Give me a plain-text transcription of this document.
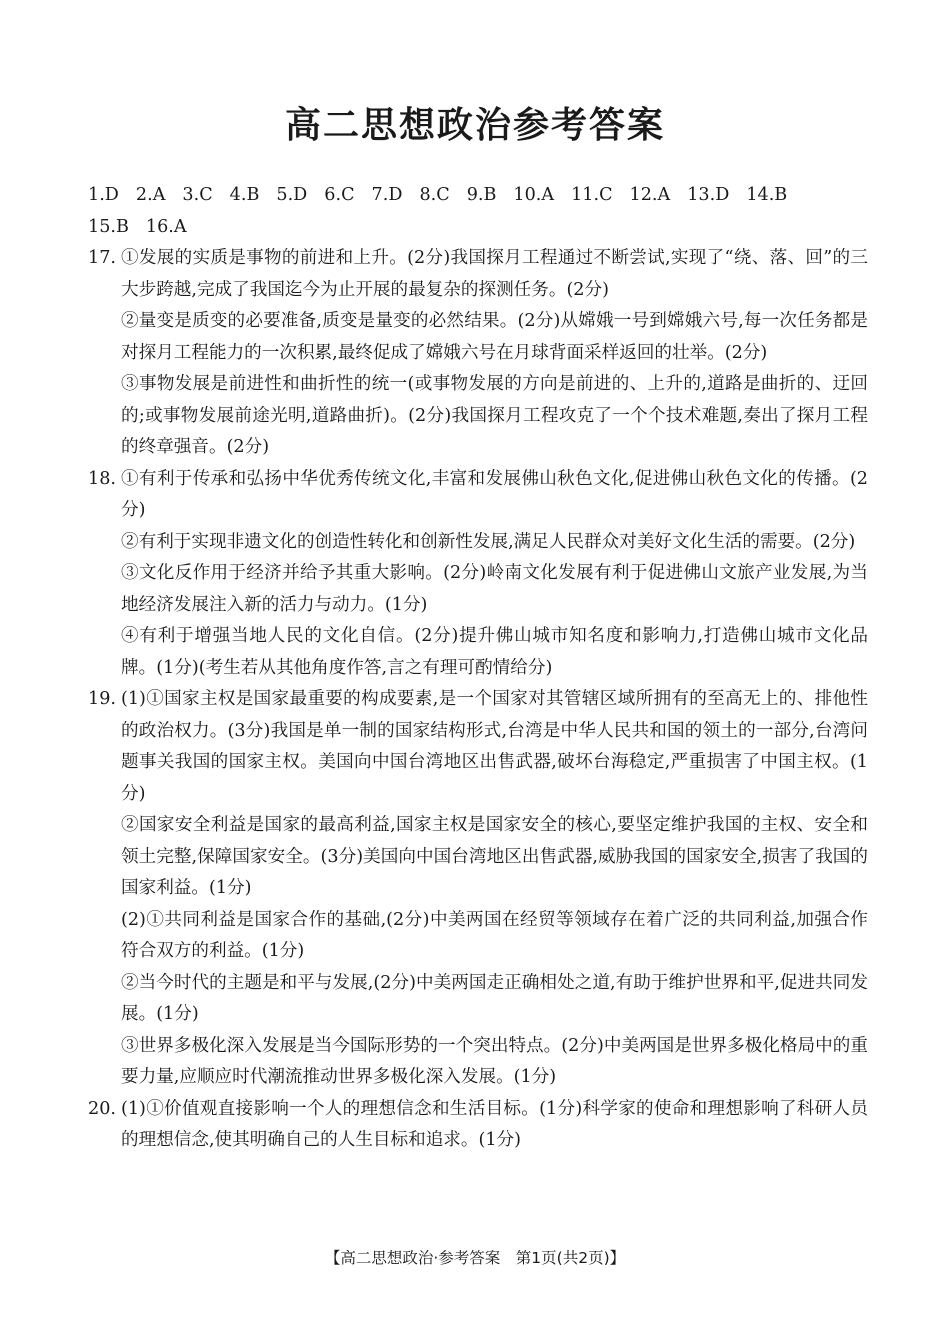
高二思想政治参考答案
1.D 2.A 3.C 4.B 5.D 6.C 7.D 8.C 9.B 10.A 11.C 12.A 13.D 14.B
15.B 16.A
17. ①发展的实质是事物的前进和上升。(2分)我国探月工程通过不断尝试,实现了“绕、落、回”的三大步跨越,完成了我国迄今为止开展的最复杂的探测任务。(2分)

②量变是质变的必要准备,质变是量变的必然结果。(2分)从嫦娥一号到嫦娥六号,每一次任务都是对探月工程能力的一次积累,最终促成了嫦娥六号在月球背面采样返回的壮举。(2分)

③事物发展是前进性和曲折性的统一(或事物发展的方向是前进的、上升的,道路是曲折的、迂回的;或事物发展前途光明,道路曲折)。(2分)我国探月工程攻克了一个个技术难题,奏出了探月工程的终章强音。(2分)

18. ①有利于传承和弘扬中华优秀传统文化,丰富和发展佛山秋色文化,促进佛山秋色文化的传播。(2分)

②有利于实现非遗文化的创造性转化和创新性发展,满足人民群众对美好文化生活的需要。(2分)

③文化反作用于经济并给予其重大影响。(2分)岭南文化发展有利于促进佛山文旅产业发展,为当地经济发展注入新的活力与动力。(1分)

④有利于增强当地人民的文化自信。(2分)提升佛山城市知名度和影响力,打造佛山城市文化品牌。(1分)(考生若从其他角度作答,言之有理可酌情给分)

19. (1)①国家主权是国家最重要的构成要素,是一个国家对其管辖区域所拥有的至高无上的、排他性的政治权力。(3分)我国是单一制的国家结构形式,台湾是中华人民共和国的领土的一部分,台湾问题事关我国的国家主权。美国向中国台湾地区出售武器,破坏台海稳定,严重损害了中国主权。(1分)

②国家安全利益是国家的最高利益,国家主权是国家安全的核心,要坚定维护我国的主权、安全和领土完整,保障国家安全。(3分)美国向中国台湾地区出售武器,威胁我国的国家安全,损害了我国的国家利益。(1分)

(2)①共同利益是国家合作的基础,(2分)中美两国在经贸等领域存在着广泛的共同利益,加强合作符合双方的利益。(1分)

②当今时代的主题是和平与发展,(2分)中美两国走正确相处之道,有助于维护世界和平,促进共同发展。(1分)

③世界多极化深入发展是当今国际形势的一个突出特点。(2分)中美两国是世界多极化格局中的重要力量,应顺应时代潮流推动世界多极化深入发展。(1分)

20. (1)①价值观直接影响一个人的理想信念和生活目标。(1分)科学家的使命和理想影响了科研人员的理想信念,使其明确自己的人生目标和追求。(1分)

【高二思想政治·参考答案　第1页(共2页)】
